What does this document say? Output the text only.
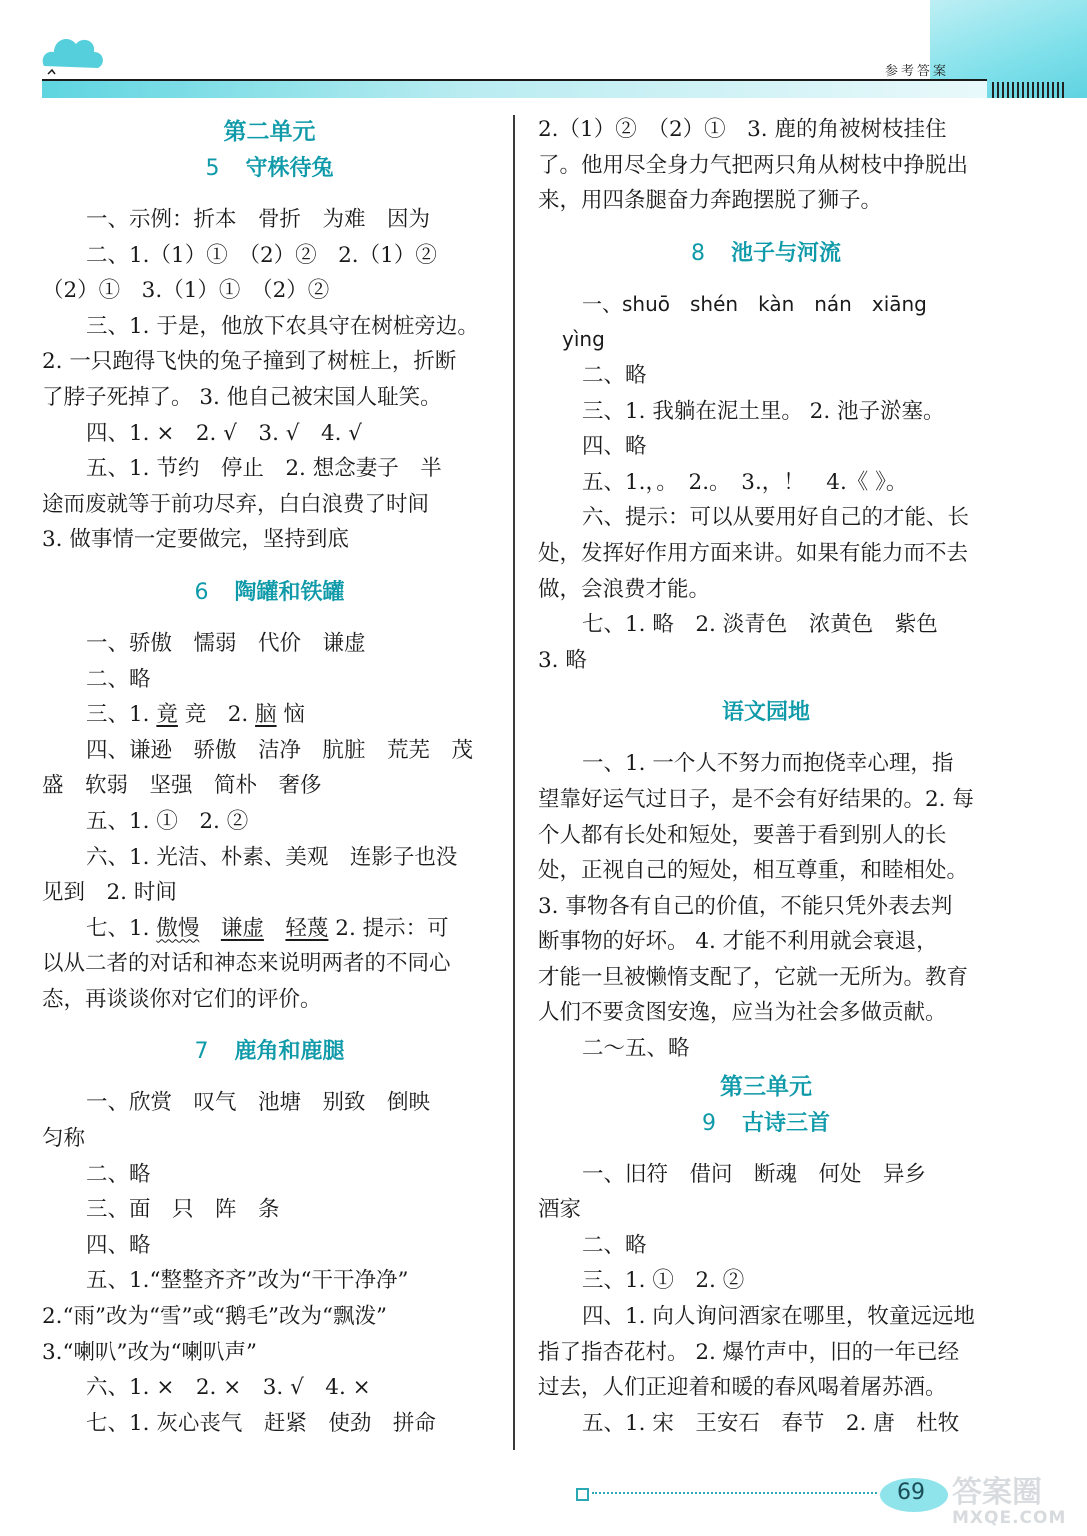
参考答案
第二单元
5 守株待兔
一、示例：折本　骨折　为难　因为
二、1.（1）①　（2）②　2.（1）②
（2）①　3.（1）①　（2）②
三、1. 于是，他放下农具守在树桩旁边。
2. 一只跑得飞快的兔子撞到了树桩上，折断
了脖子死掉了。 3. 他自己被宋国人耻笑。
四、1. ×　2. √　3. √　4. √
五、1. 节约　停止　2. 想念妻子　半
途而废就等于前功尽弃，白白浪费了时间
3. 做事情一定要做完，坚持到底
6 陶罐和铁罐
一、骄傲　懦弱　代价　谦虚
二、略
三、1. 竟 竞　2. 脑 恼
四、谦逊　骄傲　洁净　肮脏　荒芜　茂
盛　软弱　坚强　简朴　奢侈
五、1. ①　2. ②
六、1. 光洁、朴素、美观　连影子也没
见到　2. 时间
七、1. 傲慢　 谦虚　 轻蔑 2. 提示：可
以从二者的对话和神态来说明两者的不同心
态，再谈谈你对它们的评价。
7 鹿角和鹿腿
一、欣赏　叹气　池塘　别致　倒映
匀称
二、略
三、面　只　阵　条
四、略
五、1.“整整齐齐”改为“干干净净”
2.“雨”改为“雪”或“鹅毛”改为“飘泼”
3.“喇叭”改为“喇叭声”
六、1. ×　2. ×　3. √　4. ×
七、1. 灰心丧气　赶紧　使劲　拼命
2.（1）②　（2）①　3. 鹿的角被树枝挂住
了。他用尽全身力气把两只角从树枝中挣脱出
来，用四条腿奋力奔跑摆脱了狮子。
8 池子与河流
一、shuō　shén　kàn　nán　xiāng
yìng
二、略
三、1. 我躺在泥土里。 2. 池子淤塞。
四、略
五、1.，。　2.。　3.，！　4.《 》。
六、提示：可以从要用好自己的才能、长
处，发挥好作用方面来讲。如果有能力而不去
做，会浪费才能。
七、1. 略　2. 淡青色　浓黄色　紫色
3. 略
语文园地
一、1. 一个人不努力而抱侥幸心理，指
望靠好运气过日子，是不会有好结果的。2. 每
个人都有长处和短处，要善于看到别人的长
处，正视自己的短处，相互尊重，和睦相处。
3. 事物各有自己的价值，不能只凭外表去判
断事物的好坏。 4. 才能不利用就会衰退，
才能一旦被懒惰支配了，它就一无所为。教育
人们不要贪图安逸，应当为社会多做贡献。
二～五、略
第三单元
9 古诗三首
一、旧符　借问　断魂　何处　异乡
酒家
二、略
三、1. ①　2. ②
四、1. 向人询问酒家在哪里，牧童远远地
指了指杏花村。 2. 爆竹声中，旧的一年已经
过去，人们正迎着和暖的春风喝着屠苏酒。
五、1. 宋　王安石　春节　2. 唐　杜牧
69 答案圈
MXQE.COM
